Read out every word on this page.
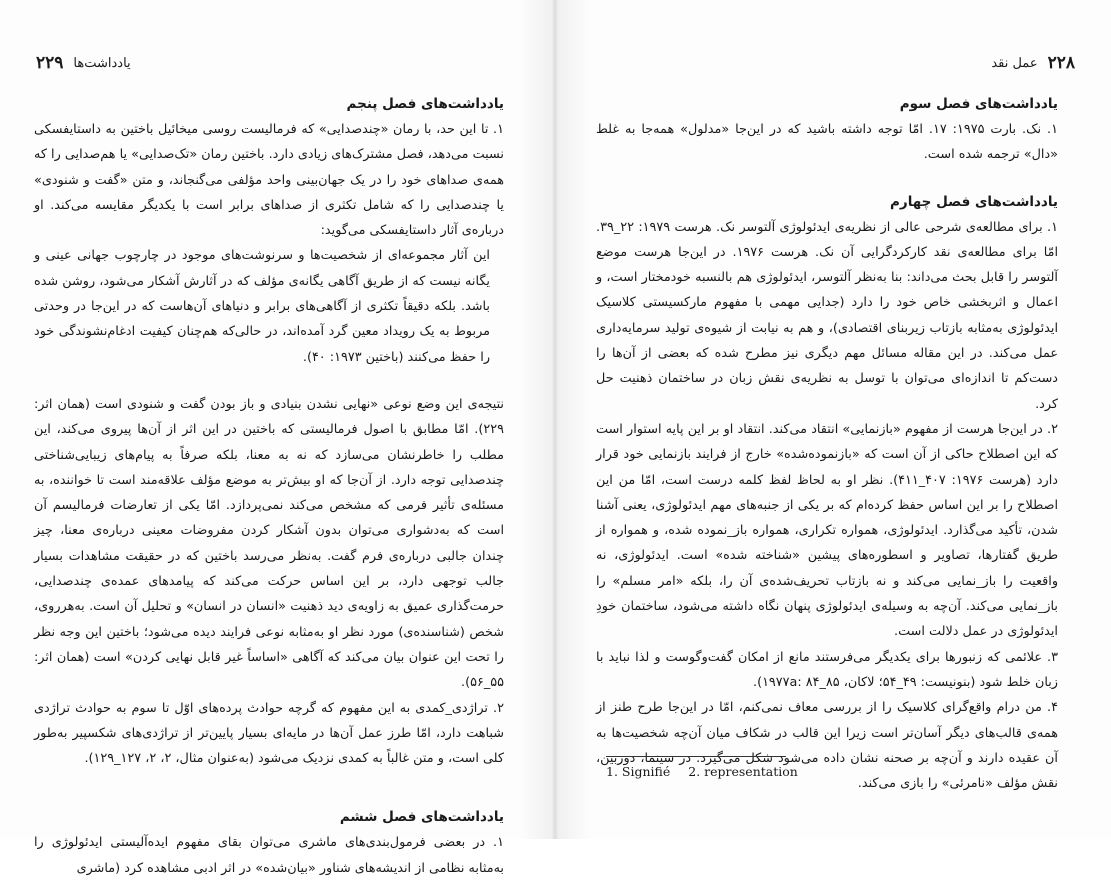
۲۲۹ یادداشت‌ها
یادداشت‌های فصل پنجم

۱. تا این حد، با رمان «چندصدایی» که فرمالیست روسی میخائیل باختین به داستایفسکی نسبت می‌دهد، فصل مشترک‌های زیادی دارد. باختین رمان «تک‌صدایی» یا هم‌صدایی را که همه‌ی صداهای خود را در یک جهان‌بینی واحد مؤلفی می‌گنجاند، و متن «گفت و شنودی» یا چندصدایی را که شامل تکثری از صداهای برابر است با یکدیگر مقایسه می‌کند. او درباره‌ی آثار داستایفسکی می‌گوید:

این آثار مجموعه‌ای از شخصیت‌ها و سرنوشت‌های موجود در چارچوب جهانی عینی و یگانه نیست که از طریق آگاهی یگانه‌ی مؤلف که در آثارش آشکار می‌شود، روشن شده باشد. بلکه دقیقاً تکثری از آگاهی‌های برابر و دنیاهای آن‌هاست که در این‌جا در وحدتی مربوط به یک رویداد معین گرد آمده‌اند، در حالی‌که هم‌چنان کیفیت ادغام‌نشوندگی خود را حفظ می‌کنند (باختین ۱۹۷۳: ۴۰).

نتیجه‌ی این وضع نوعی «نهایی نشدن بنیادی و باز بودن گفت و شنودی است (همان اثر: ۲۲۹). امّا مطابق با اصول فرمالیستی که باختین در این اثر از آن‌ها پیروی می‌کند، این مطلب را خاطرنشان می‌سازد که نه به معنا، بلکه صرفاً به پیام‌های زیبایی‌شناختی چندصدایی توجه دارد. از آن‌جا که او بیش‌تر به موضع مؤلف علاقه‌مند است تا خواننده، به مسئله‌ی تأثیر فرمی که مشخص می‌کند نمی‌پردازد. امّا یکی از تعارضات فرمالیسم آن است که به‌دشواری می‌توان بدون آشکار کردن مفروضات معینی درباره‌ی معنا، چیز چندان جالبی درباره‌ی فرم گفت. به‌نظر می‌رسد باختین که در حقیقت مشاهدات بسیار جالب توجهی دارد، بر این اساس حرکت می‌کند که پیامدهای عمده‌ی چندصدایی، حرمت‌گذاری عمیق به زاویه‌ی دید ذهنیت «انسان در انسان» و تحلیل آن است. به‌هرروی، شخص (شناسنده‌ی) مورد نظر او به‌مثابه نوعی فرایند دیده می‌شود؛ باختین این وجه نظر را تحت این عنوان بیان می‌کند که آگاهی «اساساً غیر قابل نهایی کردن» است (همان اثر: ۵۵_۵۶).

۲. تراژدی_کمدی به این مفهوم که گرچه حوادث پرده‌های اوّل تا سوم به حوادث تراژدی شباهت دارد، امّا طرز عمل آن‌ها در مایه‌ای بسیار پایین‌تر از تراژدی‌های شکسپیر به‌طور کلی است، و متن غالباً به کمدی نزدیک می‌شود (به‌عنوان مثال، ۲، ۲، ۱۲۷_۱۲۹).

یادداشت‌های فصل ششم

۱. در بعضی فرمول‌بندی‌های ماشری می‌توان بقای مفهوم ایده‌آلیستی ایدئولوژی را به‌مثابه نظامی از اندیشه‌های شناور «بیان‌شده» در اثر ادبی مشاهده کرد (ماشری

۲۲۸
عمل نقد
یادداشت‌های فصل سوم

۱. نک. بارت ۱۹۷۵: ۱۷. امّا توجه داشته باشید که در این‌جا «مدلول» همه‌جا به غلط «دال» ترجمه شده است.

یادداشت‌های فصل چهارم

۱. برای مطالعه‌ی شرحی عالی از نظریه‌ی ایدئولوژی آلتوسر نک. هرست ۱۹۷۹: ۲۲_۳۹. امّا برای مطالعه‌ی نقد کارکردگرایی آن نک. هرست ۱۹۷۶. در این‌جا هرست موضع آلتوسر را قابل بحث می‌داند: بنا به‌نظر آلتوسر، ایدئولوژی هم بالنسبه خودمختار است، و اعمال و اثربخشی خاص خود را دارد (جدایی مهمی با مفهوم مارکسیستی کلاسیک ایدئولوژی به‌مثابه بازتاب زیربنای اقتصادی)، و هم به نیابت از شیوه‌ی تولید سرمایه‌داری عمل می‌کند. در این مقاله مسائل مهم دیگری نیز مطرح شده که بعضی از آن‌ها را دست‌کم تا اندازه‌ای می‌توان با توسل به نظریه‌ی نقش زبان در ساختمان ذهنیت حل کرد.

۲. در این‌جا هرست از مفهوم «بازنمایی» انتقاد می‌کند. انتقاد او بر این پایه استوار است که این اصطلاح حاکی از آن است که «بازنموده‌شده» خارج از فرایند بازنمایی خود قرار دارد (هرست ۱۹۷۶: ۴۰۷_۴۱۱). نظر او به لحاظ لفظ کلمه درست است، امّا من این اصطلاح را بر این اساس حفظ کرده‌ام که بر یکی از جنبه‌های مهم ایدئولوژی، یعنی آشنا شدن، تأکید می‌گذارد. ایدئولوژی، همواره تکراری، همواره باز_نموده شده، و همواره از طریق گفتارها، تصاویر و اسطوره‌های پیشین «شناخته شده» است. ایدئولوژی، نه واقعیت را باز_نمایی می‌کند و نه بازتاب تحریف‌شده‌ی آن را، بلکه «امر مسلم» را باز_نمایی می‌کند. آن‌چه به وسیله‌ی ایدئولوژی پنهان نگاه داشته می‌شود، ساختمان خودِ ایدئولوژی در عمل دلالت است.

۳. علائمی که زنبورها برای یکدیگر می‌فرستند مانع از امکان گفت‌وگوست و لذا نباید با زبان خلط شود (بنونیست: ۴۹_۵۴؛ لاکان، ۱۹۷۷a: ۸۴_۸۵).

۴. من درام واقع‌گرای کلاسیک را از بررسی معاف نمی‌کنم، امّا در این‌جا طرح طنز از همه‌ی قالب‌های دیگر آسان‌تر است زیرا این قالب در شکاف میان آن‌چه شخصیت‌ها به آن عقیده دارند و آن‌چه بر صحنه نشان داده می‌شود شکل می‌گیرد. در سینما، دوربین، نقش مؤلف «نامرئی» را بازی می‌کند.

1. Signifié 2. representation
